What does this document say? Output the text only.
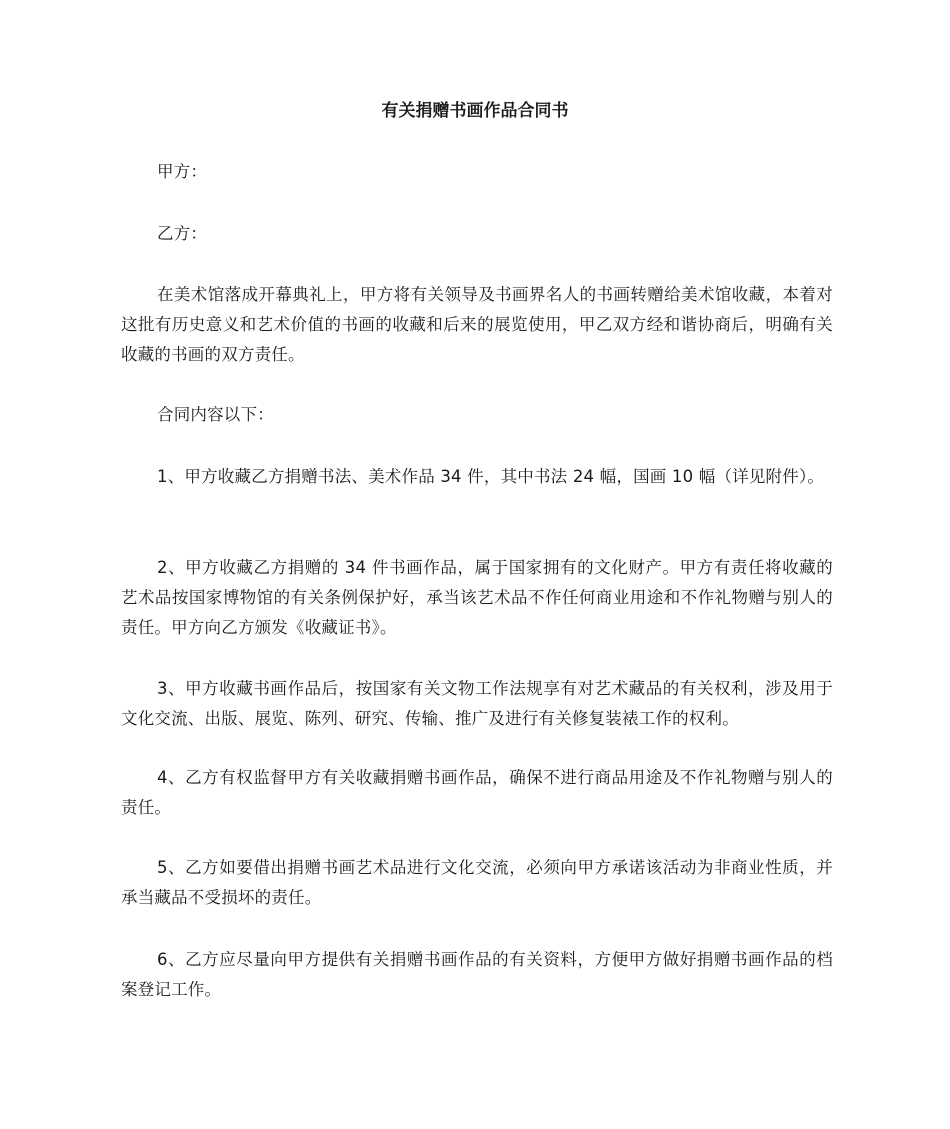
有关捐赠书画作品合同书

甲方：

乙方：

在美术馆落成开幕典礼上，甲方将有关领导及书画界名人的书画转赠给美术馆收藏，本着对这批有历史意义和艺术价值的书画的收藏和后来的展览使用，甲乙双方经和谐协商后，明确有关收藏的书画的双方责任。

合同内容以下：

1、甲方收藏乙方捐赠书法、美术作品 34 件，其中书法 24 幅，国画 10 幅（详见附件）。

2、甲方收藏乙方捐赠的 34 件书画作品，属于国家拥有的文化财产。甲方有责任将收藏的艺术品按国家博物馆的有关条例保护好，承当该艺术品不作任何商业用途和不作礼物赠与别人的责任。甲方向乙方颁发《收藏证书》。

3、甲方收藏书画作品后，按国家有关文物工作法规享有对艺术藏品的有关权利，涉及用于文化交流、出版、展览、陈列、研究、传输、推广及进行有关修复装裱工作的权利。

4、乙方有权监督甲方有关收藏捐赠书画作品，确保不进行商品用途及不作礼物赠与别人的责任。

5、乙方如要借出捐赠书画艺术品进行文化交流，必须向甲方承诺该活动为非商业性质，并承当藏品不受损坏的责任。

6、乙方应尽量向甲方提供有关捐赠书画作品的有关资料，方便甲方做好捐赠书画作品的档案登记工作。
